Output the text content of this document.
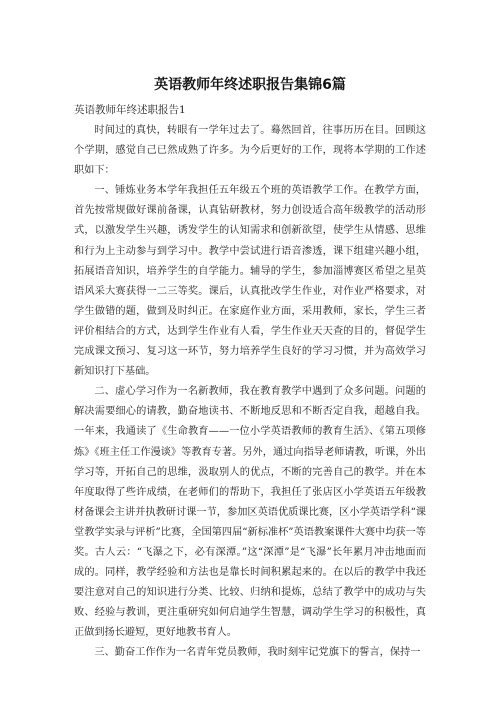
英语教师年终述职报告集锦6篇
英语教师年终述职报告1

时间过的真快，转眼有一学年过去了。蓦然回首，往事历历在目。回顾这个学期，感觉自己已然成熟了许多。为今后更好的工作，现将本学期的工作述职如下：

一、锤炼业务本学年我担任五年级五个班的英语教学工作。在教学方面，首先按常规做好课前备课，认真钻研教材，努力创设适合高年级教学的活动形式，以激发学生兴趣，诱发学生的认知需求和创新欲望，使学生从情感、思维和行为上主动参与到学习中。教学中尝试进行语音渗透，课下组建兴趣小组，拓展语音知识，培养学生的自学能力。辅导的学生，参加淄博赛区希望之星英语风采大赛获得一二三等奖。课后，认真批改学生作业，对作业严格要求，对学生做错的题，做到及时纠正。在家庭作业方面，采用教师，家长，学生三者评价相结合的方式，达到学生作业有人看，学生作业天天查的目的，督促学生完成课文预习、复习这一环节，努力培养学生良好的学习习惯，并为高效学习新知识打下基础。

二、虚心学习作为一名新教师，我在教育教学中遇到了众多问题。问题的解决需要细心的请教，勤奋地读书、不断地反思和不断否定自我，超越自我。一年来，我通读了《生命教育——一位小学英语教师的教育生活》、《第五项修炼》《班主任工作漫谈》等教育专著。另外，通过向指导老师请教，听课，外出学习等，开拓自己的思维，汲取别人的优点，不断的完善自己的教学。并在本年度取得了些许成绩，在老师们的帮助下，我担任了张店区小学英语五年级教材备课会主讲并执教研讨课一节，参加区英语优质课比赛，区小学英语学科“课堂教学实录与评析”比赛，全国第四届“新标准杯”英语教案课件大赛中均获一等奖。古人云：“飞瀑之下，必有深潭。”这“深潭”是“飞瀑”长年累月冲击地面而成的。同样，教学经验和方法也是靠长时间积累起来的。在以后的教学中我还要注意对自己的知识进行分类、比较、归纳和提炼，总结了教学中的成功与失败、经验与教训，更注重研究如何启迪学生智慧，调动学生学习的积极性，真正做到扬长避短，更好地教书育人。

三、勤奋工作作为一名青年党员教师，我时刻牢记党旗下的誓言，保持一
